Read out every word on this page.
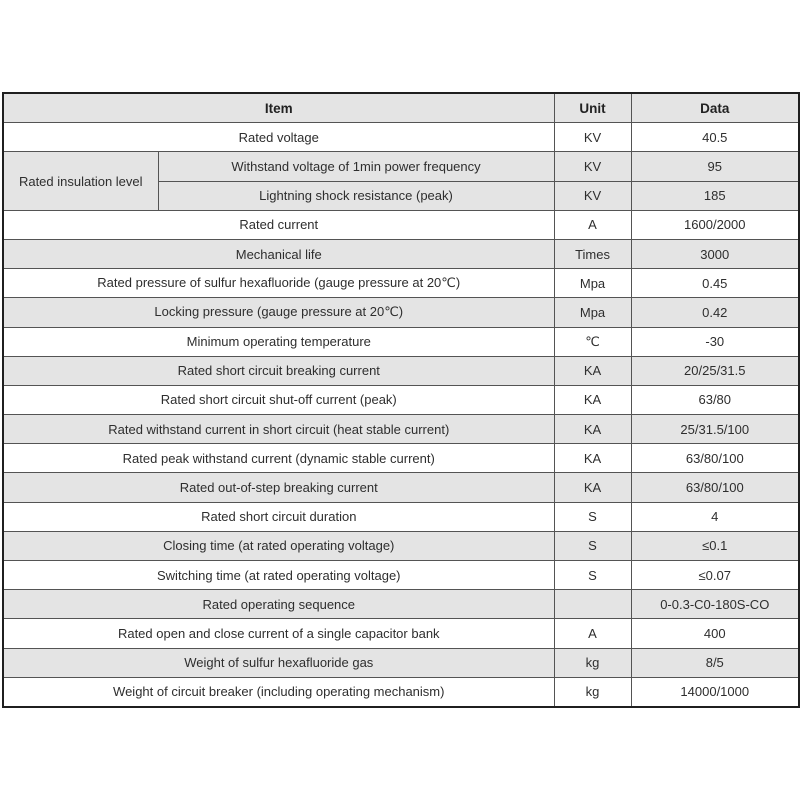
Item		Unit	Data
Rated voltage		KV	40.5
Rated insulation level	Withstand voltage of 1min power frequency	KV	95
	Lightning shock resistance (peak)	KV	185
Rated current		A	1600/2000
Mechanical life		Times	3000
Rated pressure of sulfur hexafluoride (gauge pressure at 20℃)		Mpa	0.45
Locking pressure (gauge pressure at 20℃)		Mpa	0.42
Minimum operating temperature		℃	-30
Rated short circuit breaking current		KA	20/25/31.5
Rated short circuit shut-off current (peak)		KA	63/80
Rated withstand current in short circuit (heat stable current)		KA	25/31.5/100
Rated peak withstand current (dynamic stable current)		KA	63/80/100
Rated out-of-step breaking current		KA	63/80/100
Rated short circuit duration		S	4
Closing time (at rated operating voltage)		S	≤0.1
Switching time (at rated operating voltage)		S	≤0.07
Rated operating sequence			0-0.3-C0-180S-CO
Rated open and close current of a single capacitor bank		A	400
Weight of sulfur hexafluoride gas		kg	8/5
Weight of circuit breaker (including operating mechanism)		kg	14000/1000
